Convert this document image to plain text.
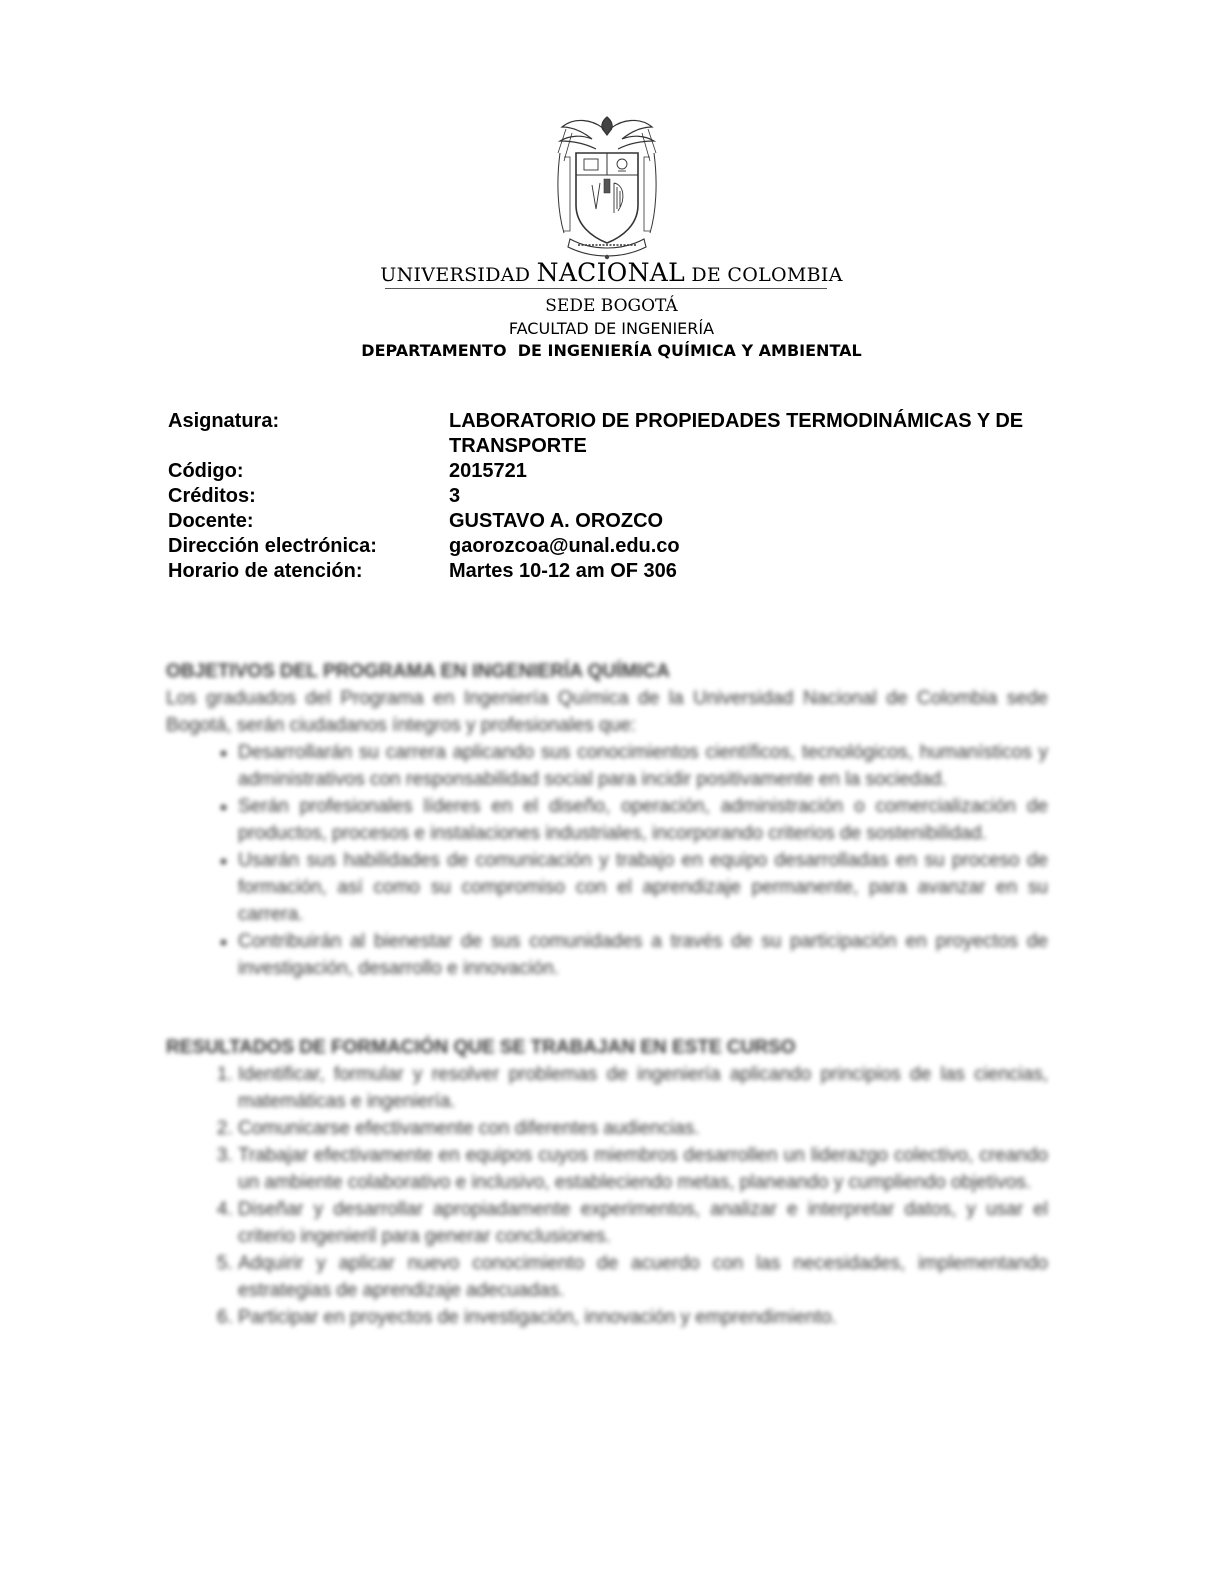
UNIVERSIDAD NACIONAL DE COLOMBIA
SEDE BOGOTÁ
FACULTAD DE INGENIERÍA
DEPARTAMENTO  DE INGENIERÍA QUÍMICA Y AMBIENTAL
Asignatura:	LABORATORIO DE PROPIEDADES TERMODINÁMICAS Y DE TRANSPORTE
Código:	2015721
Créditos:	3
Docente:	GUSTAVO A. OROZCO
Dirección electrónica:	gaorozcoa@unal.edu.co
Horario de atención:	Martes 10-12 am OF 306

OBJETIVOS DEL PROGRAMA EN INGENIERÍA QUÍMICA

Los graduados del Programa en Ingeniería Química de la Universidad Nacional de Colombia sede Bogotá, serán ciudadanos íntegros y profesionales que:

▪ Desarrollarán su carrera aplicando sus conocimientos científicos, tecnológicos, humanísticos y administrativos con responsabilidad social para incidir positivamente en la sociedad.
▪ Serán profesionales líderes en el diseño, operación, administración o comercialización de productos, procesos e instalaciones industriales, incorporando criterios de sostenibilidad.
▪ Usarán sus habilidades de comunicación y trabajo en equipo desarrolladas en su proceso de formación, así como su compromiso con el aprendizaje permanente, para avanzar en su carrera.
▪ Contribuirán al bienestar de sus comunidades a través de su participación en proyectos de investigación, desarrollo e innovación.

RESULTADOS DE FORMACIÓN QUE SE TRABAJAN EN ESTE CURSO

1. Identificar, formular y resolver problemas de ingeniería aplicando principios de las ciencias, matemáticas e ingeniería.
2. Comunicarse efectivamente con diferentes audiencias.
3. Trabajar efectivamente en equipos cuyos miembros desarrollen un liderazgo colectivo, creando un ambiente colaborativo e inclusivo, estableciendo metas, planeando y cumpliendo objetivos.
4. Diseñar y desarrollar apropiadamente experimentos, analizar e interpretar datos, y usar el criterio ingenieril para generar conclusiones.
5. Adquirir y aplicar nuevo conocimiento de acuerdo con las necesidades, implementando estrategias de aprendizaje adecuadas.
6. Participar en proyectos de investigación, innovación y emprendimiento.
